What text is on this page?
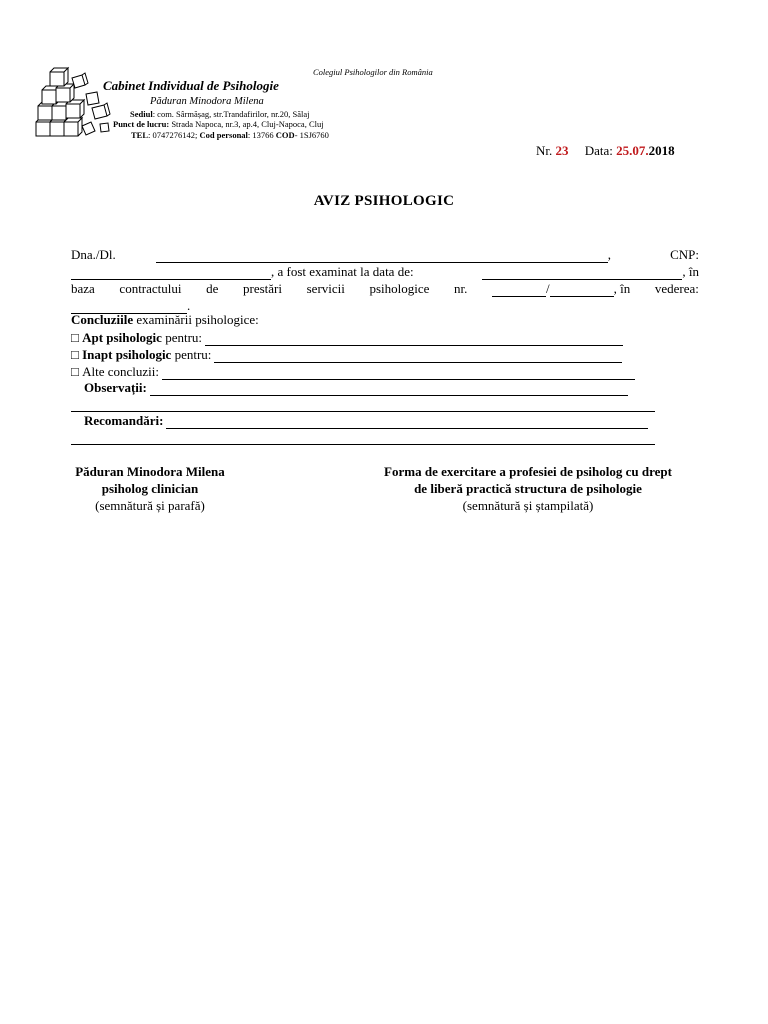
Colegiul Psihologilor din România
Cabinet Individual de Psihologie
Păduran Minodora Milena
Sediul: com. Sârmășag, str.Trandafirilor, nr.20, Sălaj
Punct de lucru: Strada Napoca, nr.3, ap.4, Cluj-Napoca, Cluj
TEL: 0747276142; Cod personal: 13766 COD- 1SJ6760
Nr. 23 Data: 25.07.2018
AVIZ PSIHOLOGIC
Dna./Dl.	,	CNP:
, a fost examinat la data de:	, în
baza contractului de prestări servicii psihologice nr.	/	, în vederea:
.
Concluziile examinării psihologice:
□
Apt psihologic pentru:
□
Inapt psihologic pentru:
□
Alte concluzii:
Observații:
Recomandări:
Păduran Minodora Milena
psiholog clinician
(semnătură și parafă)
Forma de exercitare a profesiei de psiholog cu drept
de liberă practică structura de psihologie
(semnătură și ștampilată)
